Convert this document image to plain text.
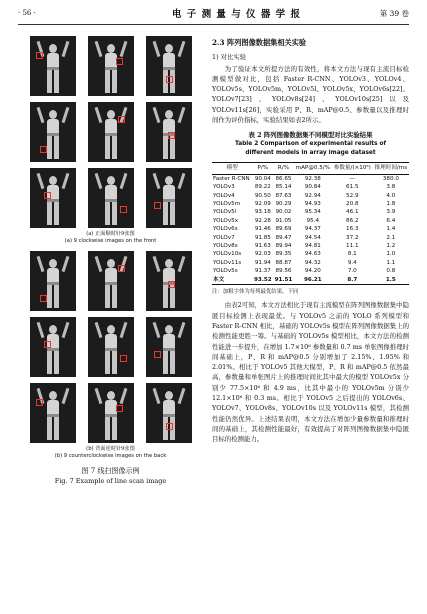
· 56 ·	电 子 测 量 与 仪 器 学 报	第 39 卷
(a) 正面顺时针9张图
(a) 9 clockwise images on the front
(b) 背面逆时针9张图
(b) 9 counterclockwise images on the back
图 7 线扫图像示例
Fig. 7 Example of line scan image
2.3 阵列图像数据集相关实验
1) 对比实验

为了验证本文所提方法的有效性，将本文方法与现有主流目标检测模型做对比，包括 Faster R-CNN、YOLOv3、YOLOv4、YOLOv5s、YOLOv5m、YOLOv5l、YOLOv5x、YOLOv6s[22]、YOLOv7[23]、YOLOv8s[24]、YOLOv10s[25]以及 YOLOv11s[26]，实验采用 P、R、mAP@0.5、参数量以及推理时间作为评价指标，实验结果如表2所示。

表 2 阵列图像数据集不同模型对比实验结果
Table 2 Comparison of experimental results of
different models in array image dataset
模型	P/%	R/%	mAP@0.5/%	参数量/(×10⁶)	推理时间/ms
Faster R-CNN	90.04	86.65	92.38	—	380.0
YOLOv3	89.22	85.14	90.84	61.5	3.8
YOLOv4	90.50	87.63	92.94	52.9	4.0
YOLOv5m	92.09	90.29	94.93	20.8	1.8
YOLOv5l	93.18	90.02	95.34	46.1	3.9
YOLOv5x	92.28	91.05	95.4	86.2	6.4
YOLOv6s	91.46	89.69	94.37	16.3	1.4
YOLOv7	91.85	89.47	94.54	37.2	2.1
YOLOv8s	91.63	89.94	94.81	11.1	1.2
YOLOv10s	92.03	89.35	94.63	8.1	1.0
YOLOv11s	91.94	88.87	94.32	9.4	1.1
YOLOv5s	91.37	89.56	94.20	7.0	0.8
本文	93.52	91.51	96.21	8.7	1.5
注：加粗字体为每列最优结果，下同

由表2可知，本文方法相比于现有主流模型在阵列图像数据集中隐匿目标检测上表现最优。与 YOLOv5 之前的 YOLO 系列模型和 Faster R-CNN 相比，基础的 YOLOv5s 模型在阵列图像数据集上的检测性能更胜一筹。与基础的 YOLOv5s 模型相比，本文方法的检测性能进一步提升，在增加 1.7×10⁶ 参数量和 0.7 ms 单张图像推理时间基础上，P、R 和 mAP@0.5 分别增加了 2.15%、1.95% 和 2.01%。相比于 YOLOv5 其他大模型，P、R 和 mAP@0.5 依然最高，参数量和单张图片上的推理时间比其中最大的模型 YOLOv5x 分别少 77.5×10⁶ 和 4.9 ms，比其中最小的 YOLOv5m 分别少 12.1×10⁶ 和 0.3 ms。相比于 YOLOv5 之后提出的 YOLOv6s、YOLOv7、YOLOv8s、YOLOv10s 以及 YOLOv11s 模型，其检测性能仍然优异。上述结果表明，本文方法在增加少量参数量和推理时间的基础上，其检测性能最好，有效提高了对阵列图像数据集中隐匿目标的检测能力。
